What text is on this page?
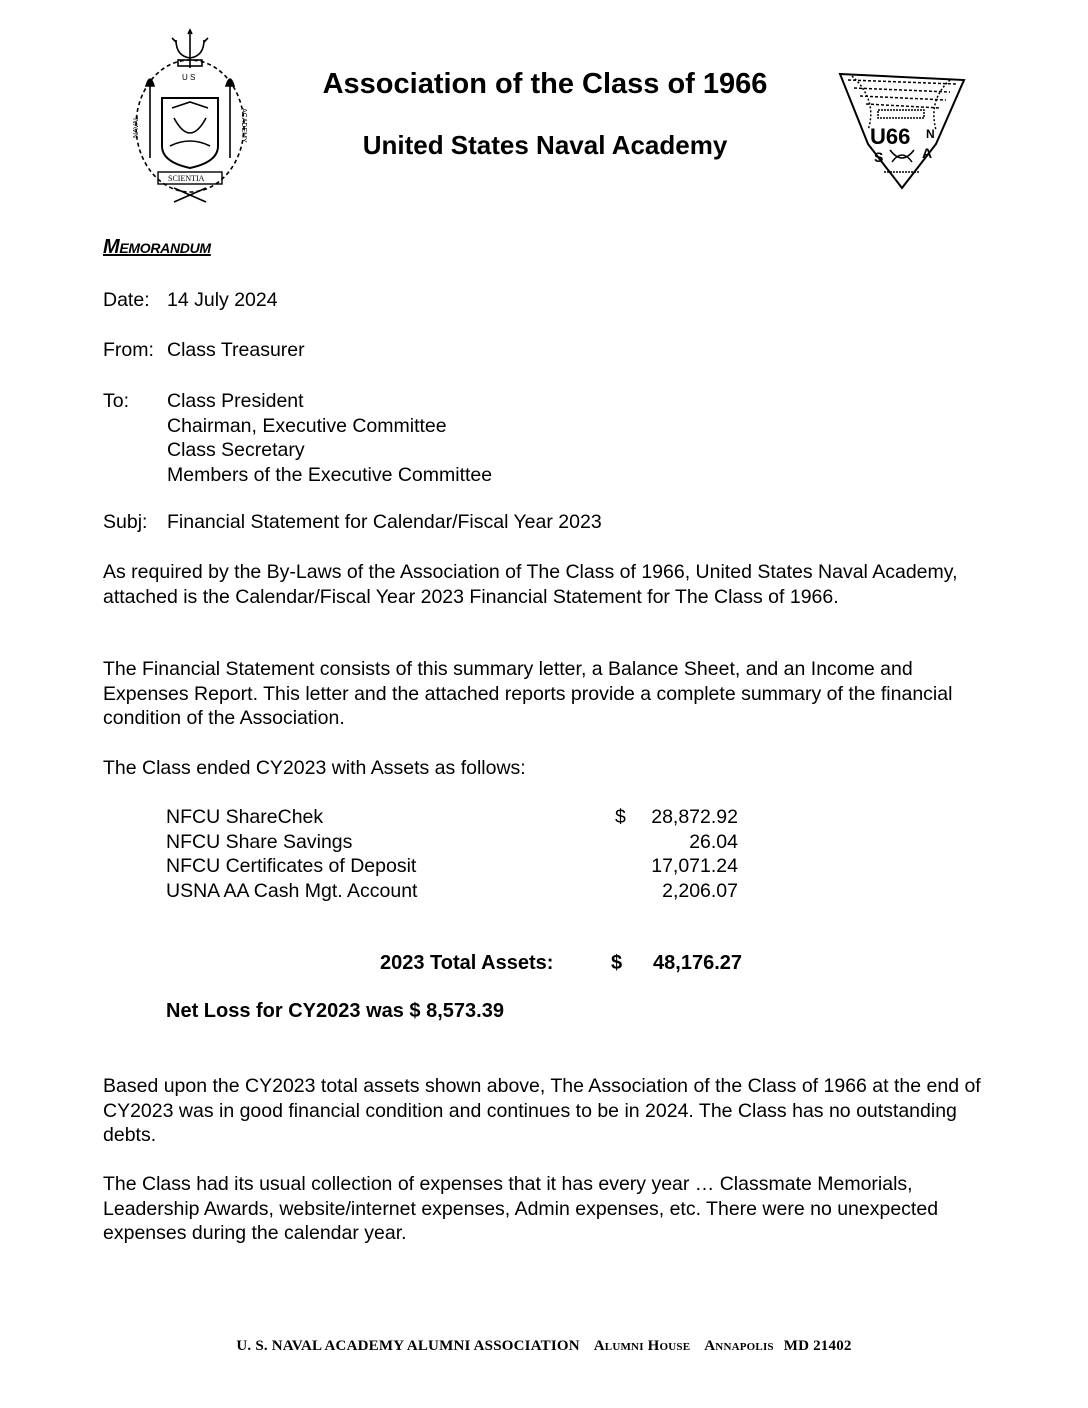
U S
SCIENTIA
NAVAL	ACADEMY
Association of the Class of 1966
United States Naval Academy	U66 N
S	A
Memorandum
Date: 14 July 2024
From: Class Treasurer
To: Class President
Chairman, Executive Committee
Class Secretary
Members of the Executive Committee
Subj: Financial Statement for Calendar/Fiscal Year 2023
As required by the By-Laws of the Association of The Class of 1966, United States Naval Academy, attached is the Calendar/Fiscal Year 2023 Financial Statement for The Class of 1966.
The Financial Statement consists of this summary letter, a Balance Sheet, and an Income and Expenses Report. This letter and the attached reports provide a complete summary of the financial condition of the Association.
The Class ended CY2023 with Assets as follows:
NFCU ShareChek	$ 28,872.92
NFCU Share Savings	26.04
NFCU Certificates of Deposit	17,071.24
USNA AA Cash Mgt. Account	2,206.07
2023 Total Assets:	$	48,176.27
Net Loss for CY2023 was $ 8,573.39
Based upon the CY2023 total assets shown above, The Association of the Class of 1966 at the end of CY2023 was in good financial condition and continues to be in 2024. The Class has no outstanding debts.
The Class had its usual collection of expenses that it has every year … Classmate Memorials, Leadership Awards, website/internet expenses, Admin expenses, etc. There were no unexpected expenses during the calendar year.
U. S. NAVAL ACADEMY ALUMNI ASSOCIATION Alumni House Annapolis MD 21402
